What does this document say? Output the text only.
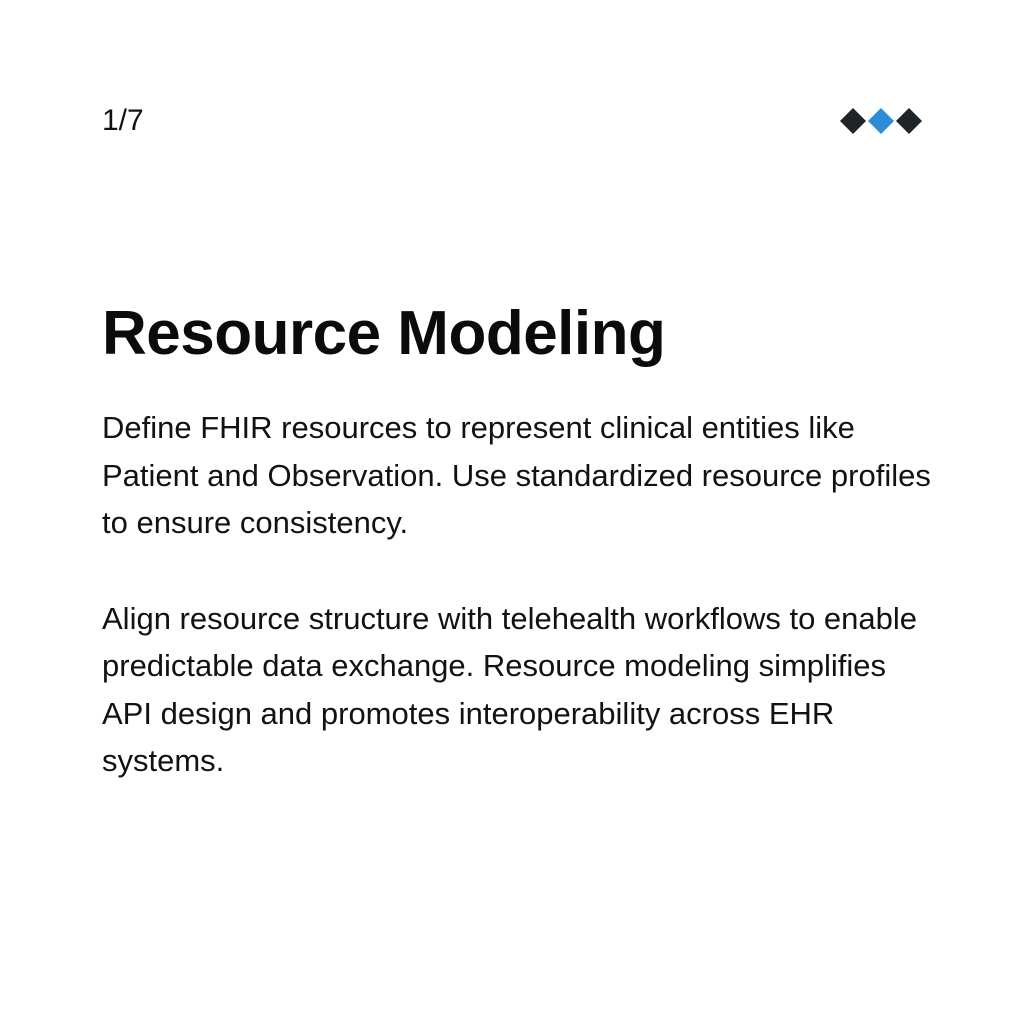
1/7
Resource Modeling

Define FHIR resources to represent clinical entities like Patient and Observation. Use standardized resource profiles to ensure consistency.

Align resource structure with telehealth workflows to enable predictable data exchange. Resource modeling simplifies API design and promotes interoperability across EHR systems.
